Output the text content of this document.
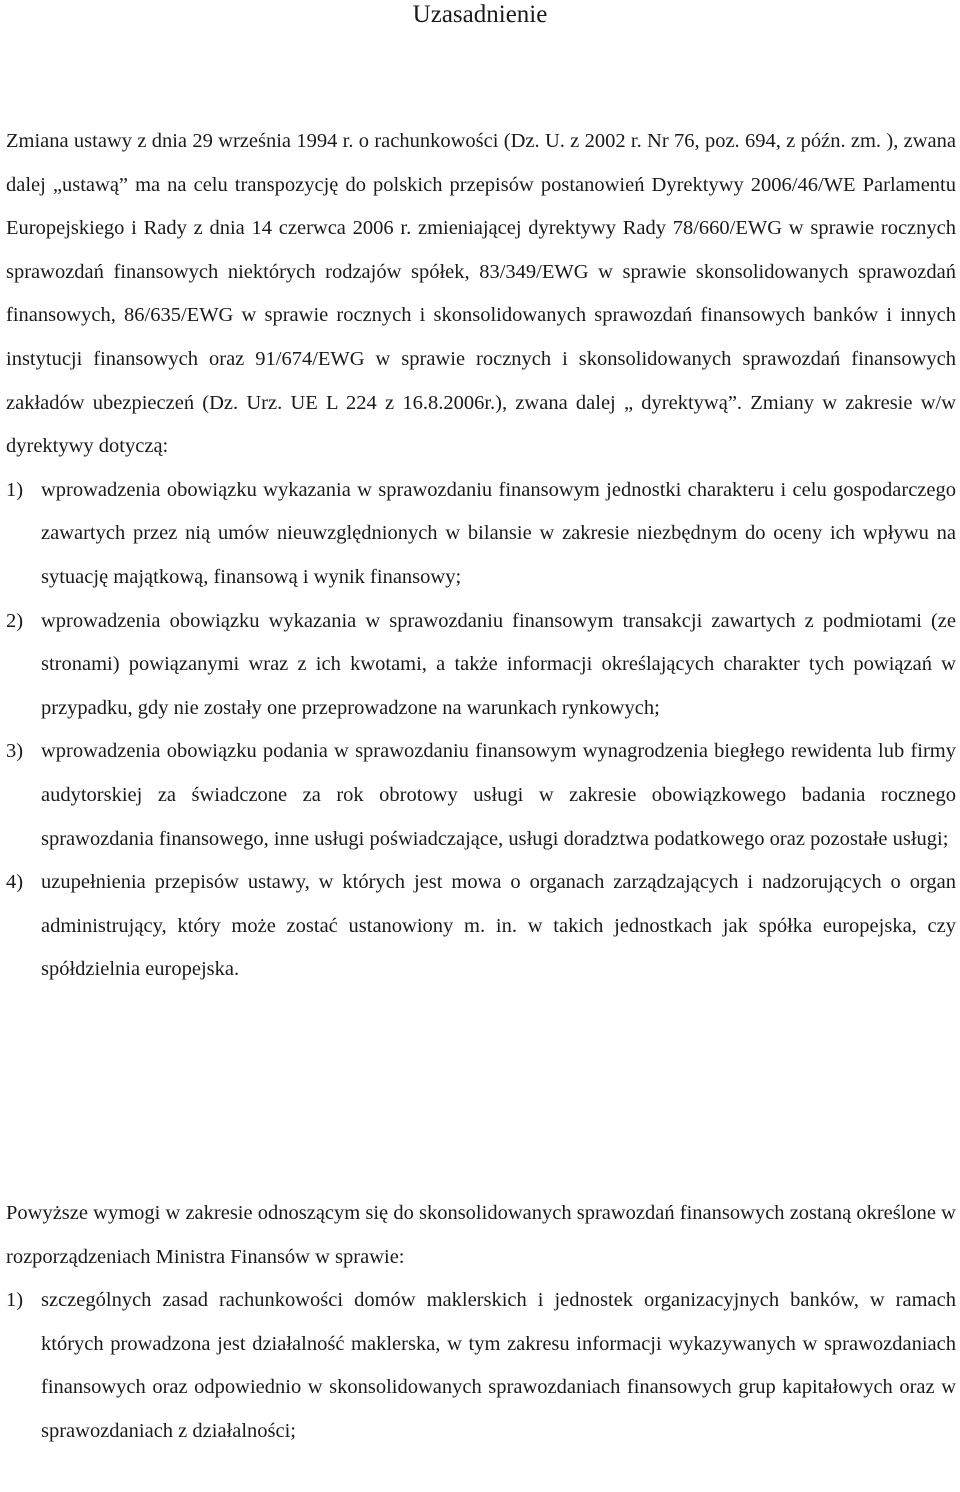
Uzasadnienie
Zmiana ustawy z dnia 29 września 1994 r. o rachunkowości (Dz. U. z 2002 r. Nr 76, poz. 694, z późn. zm. ), zwana dalej „ustawą” ma na celu transpozycję do polskich przepisów postanowień Dyrektywy 2006/46/WE Parlamentu Europejskiego i Rady z dnia 14 czerwca 2006 r. zmieniającej dyrektywy Rady 78/660/EWG w sprawie rocznych sprawozdań finansowych niektórych rodzajów spółek, 83/349/EWG w sprawie skonsolidowanych sprawozdań finansowych, 86/635/EWG w sprawie rocznych i skonsolidowanych sprawozdań finansowych banków i innych instytucji finansowych oraz 91/674/EWG w sprawie rocznych i skonsolidowanych sprawozdań finansowych zakładów ubezpieczeń (Dz. Urz. UE L 224 z 16.8.2006r.), zwana dalej „ dyrektywą”. Zmiany w zakresie w/w dyrektywy dotyczą:
1) wprowadzenia obowiązku wykazania w sprawozdaniu finansowym jednostki charakteru i celu gospodarczego zawartych przez nią umów nieuwzględnionych w bilansie w zakresie niezbędnym do oceny ich wpływu na sytuację majątkową, finansową i wynik finansowy;
2) wprowadzenia obowiązku wykazania w sprawozdaniu finansowym transakcji zawartych z podmiotami (ze stronami) powiązanymi wraz z ich kwotami, a także informacji określających charakter tych powiązań w przypadku, gdy nie zostały one przeprowadzone na warunkach rynkowych;
3) wprowadzenia obowiązku podania w sprawozdaniu finansowym wynagrodzenia biegłego rewidenta lub firmy audytorskiej za świadczone za rok obrotowy usługi w zakresie obowiązkowego badania rocznego sprawozdania finansowego, inne usługi poświadczające, usługi doradztwa podatkowego oraz pozostałe usługi;
4) uzupełnienia przepisów ustawy, w których jest mowa o organach zarządzających i nadzorujących o organ administrujący, który może zostać ustanowiony m. in. w takich jednostkach jak spółka europejska, czy spółdzielnia europejska.
Powyższe wymogi w zakresie odnoszącym się do skonsolidowanych sprawozdań finansowych zostaną określone w rozporządzeniach Ministra Finansów w sprawie:
1) szczególnych zasad rachunkowości domów maklerskich i jednostek organizacyjnych banków, w ramach których prowadzona jest działalność maklerska, w tym zakresu informacji wykazywanych w sprawozdaniach finansowych oraz odpowiednio w skonsolidowanych sprawozdaniach finansowych grup kapitałowych oraz w sprawozdaniach z działalności;
